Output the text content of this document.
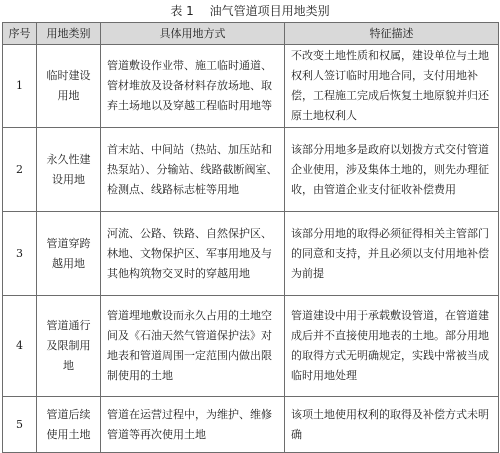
表 1 油气管道项目用地类别
序号	用地类别	具体用地方式	特征描述
1	临时建设用地	管道敷设作业带、施工临时通道、管材堆放及设备材料存放场地、取弃土场地以及穿越工程临时用地等	不改变土地性质和权属，建设单位与土地权利人签订临时用地合同，支付用地补偿，工程施工完成后恢复土地原貌并归还原土地权利人
2	永久性建设用地	首末站、中间站（热站、加压站和热泵站）、分输站、线路截断阀室、检测点、线路标志桩等用地	该部分用地多是政府以划拨方式交付管道企业使用，涉及集体土地的，则先办理征收，由管道企业支付征收补偿费用
3	管道穿跨越用地	河流、公路、铁路、自然保护区、林地、文物保护区、军事用地及与其他构筑物交叉时的穿越用地	该部分用地的取得必须征得相关主管部门的同意和支持，并且必须以支付用地补偿为前提
4	管道通行及限制用地	管道埋地敷设而永久占用的土地空间及《石油天然气管道保护法》对地表和管道周围一定范围内做出限制使用的土地	管道建设中用于承载敷设管道，在管道建成后并不直接使用地表的土地。部分用地的取得方式无明确规定，实践中常被当成临时用地处理
5	管道后续使用土地	管道在运营过程中，为维护、维修管道等再次使用土地	该项土地使用权利的取得及补偿方式未明确
